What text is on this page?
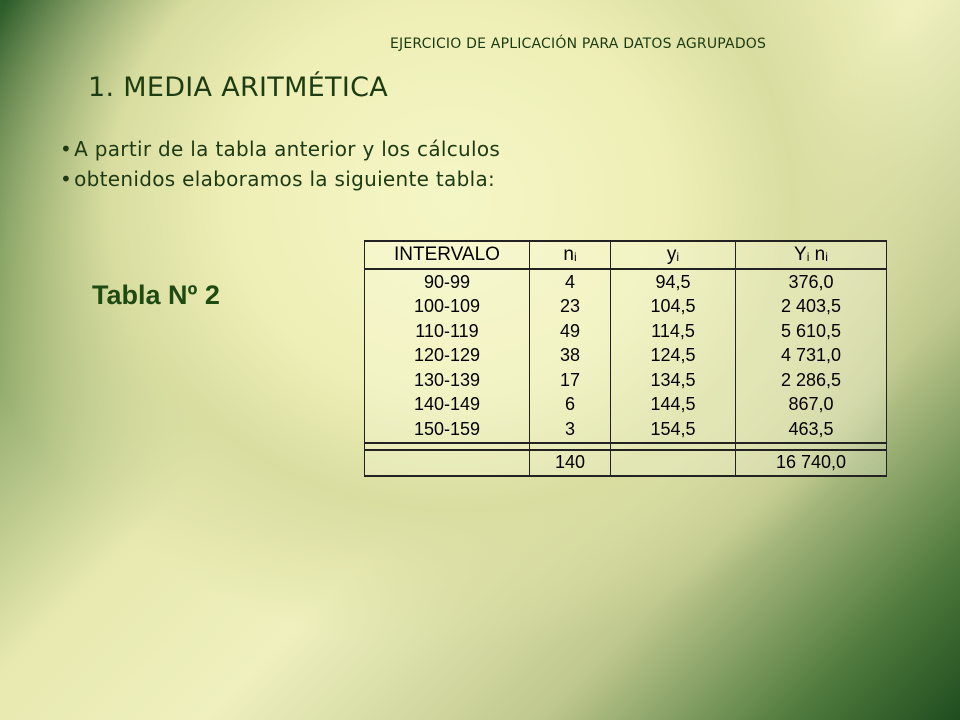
EJERCICIO DE APLICACIÓN PARA DATOS AGRUPADOS
1. MEDIA ARITMÉTICA
• A partir de la tabla anterior y los cálculos
• obtenidos elaboramos la siguiente tabla:
Tabla Nº 2
INTERVALO	$n_i$	$y_i$	$Y_i$ $n_i$
90-99	4	94,5	376,0
100-109	23	104,5	2 403,5
110-119	49	114,5	5 610,5
120-129	38	124,5	4 731,0
130-139	17	134,5	2 286,5
140-149	6	144,5	867,0
150-159	3	154,5	463,5

	140		16 740,0
